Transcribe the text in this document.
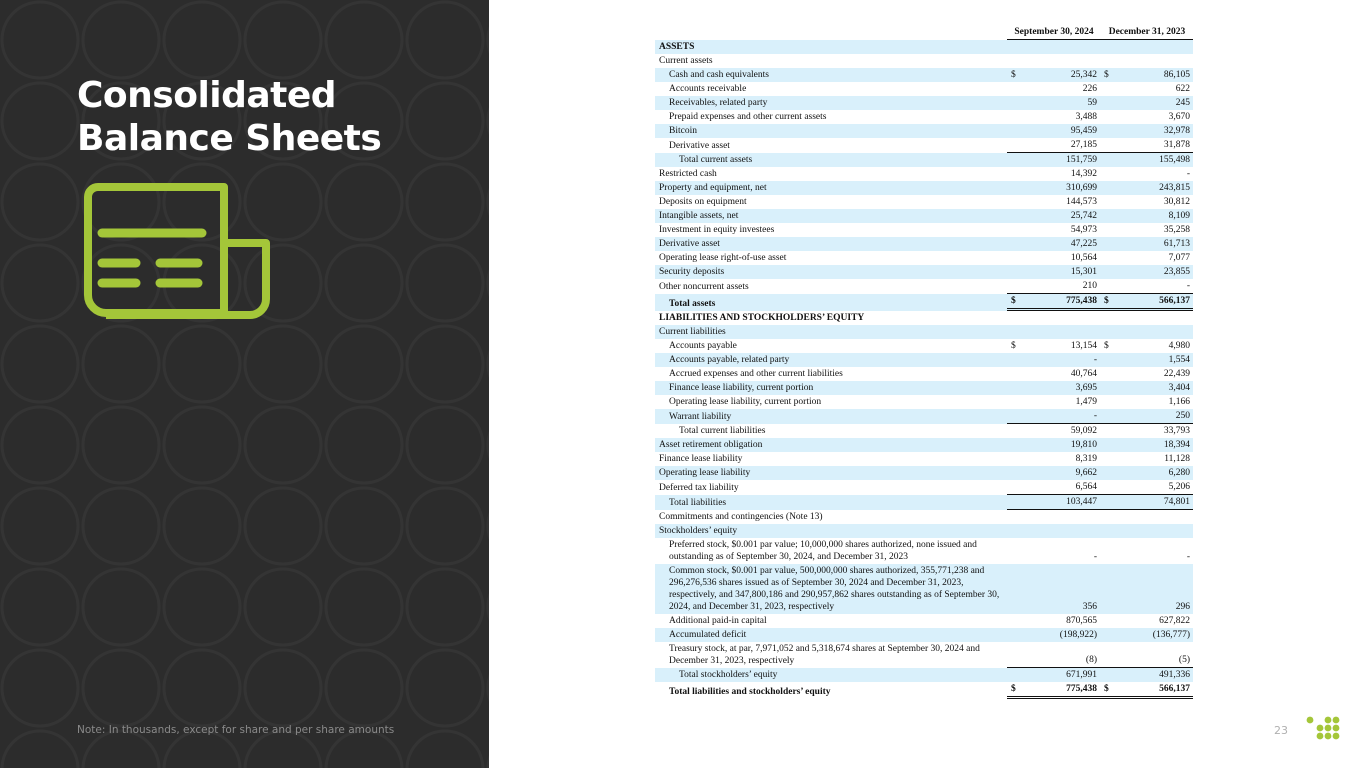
Consolidated
Balance Sheets
Note: In thousands, except for share and per share amounts
September 30, 2024	December 31, 2023
ASSETS
Current assets
Cash and cash equivalents	$	25,342 $	86,105
Accounts receivable	226	622
Receivables, related party	59	245
Prepaid expenses and other current assets	3,488	3,670
Bitcoin	95,459	32,978
Derivative asset	27,185	31,878
Total current assets	151,759	155,498
Restricted cash	14,392	-
Property and equipment, net	310,699	243,815
Deposits on equipment	144,573	30,812
Intangible assets, net	25,742	8,109
Investment in equity investees	54,973	35,258
Derivative asset	47,225	61,713
Operating lease right-of-use asset	10,564	7,077
Security deposits	15,301	23,855
Other noncurrent assets	210	-
Total assets	$	775,438 $	566,137
LIABILITIES AND STOCKHOLDERS’ EQUITY
Current liabilities
Accounts payable	$	13,154 $	4,980
Accounts payable, related party	-	1,554
Accrued expenses and other current liabilities	40,764	22,439
Finance lease liability, current portion	3,695	3,404
Operating lease liability, current portion	1,479	1,166
Warrant liability	-	250
Total current liabilities	59,092	33,793
Asset retirement obligation	19,810	18,394
Finance lease liability	8,319	11,128
Operating lease liability	9,662	6,280
Deferred tax liability	6,564	5,206
Total liabilities	103,447	74,801
Commitments and contingencies (Note 13)
Stockholders’ equity
Preferred stock, $0.001 par value; 10,000,000 shares authorized, none issued and outstanding as of September 30, 2024, and December 31, 2023	-	-
Common stock, $0.001 par value, 500,000,000 shares authorized, 355,771,238 and 296,276,536 shares issued as of September 30, 2024 and December 31, 2023, respectively, and 347,800,186 and 290,957,862 shares outstanding as of September 30, 2024, and December 31, 2023, respectively	356	296
Additional paid-in capital	870,565	627,822
Accumulated deficit	(198,922)	(136,777)
Treasury stock, at par, 7,971,052 and 5,318,674 shares at September 30, 2024 and December 31, 2023, respectively	(8)	(5)
Total stockholders’ equity	671,991	491,336
Total liabilities and stockholders’ equity	$	775,438 $	566,137
23
